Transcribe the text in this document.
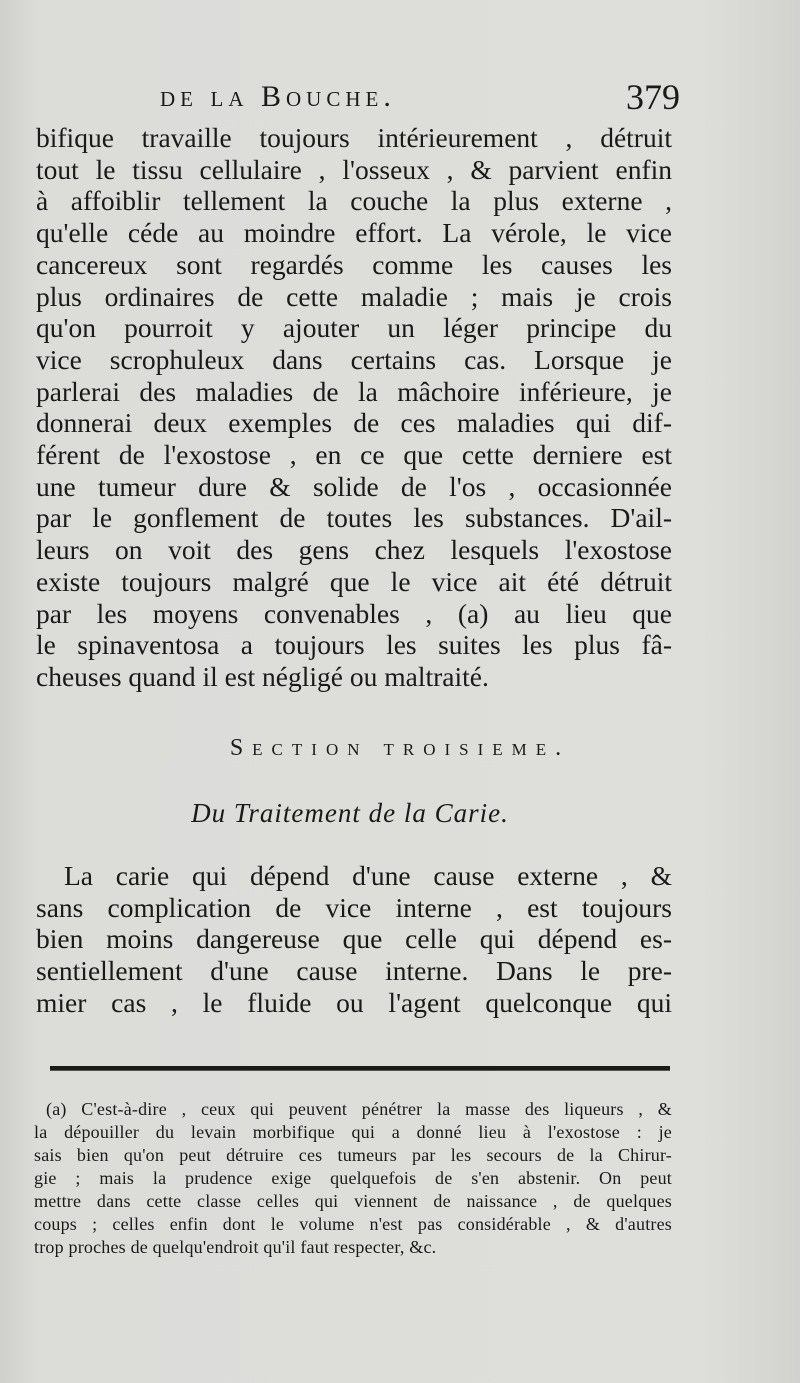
de la Bouche.	379
bifique travaille toujours intérieurement , détruit
tout le tissu cellulaire , l'osseux , & parvient enfin
à affoiblir tellement la couche la plus externe ,
qu'elle céde au moindre effort. La vérole, le vice
cancereux sont regardés comme les causes les
plus ordinaires de cette maladie ; mais je crois
qu'on pourroit y ajouter un léger principe du
vice scrophuleux dans certains cas. Lorsque je
parlerai des maladies de la mâchoire inférieure, je
donnerai deux exemples de ces maladies qui dif-
férent de l'exostose , en ce que cette derniere est
une tumeur dure & solide de l'os , occasionnée
par le gonflement de toutes les substances. D'ail-
leurs on voit des gens chez lesquels l'exostose
existe toujours malgré que le vice ait été détruit
par les moyens convenables , (a) au lieu que
le spinaventosa a toujours les suites les plus fâ-
cheuses quand il est négligé ou maltraité.
Section troisieme.
Du Traitement de la Carie.
La carie qui dépend d'une cause externe , &
sans complication de vice interne , est toujours
bien moins dangereuse que celle qui dépend es-
sentiellement d'une cause interne. Dans le pre-
mier cas , le fluide ou l'agent quelconque qui
(a) C'est-à-dire , ceux qui peuvent pénétrer la masse des liqueurs , &
la dépouiller du levain morbifique qui a donné lieu à l'exostose : je
sais bien qu'on peut détruire ces tumeurs par les secours de la Chirur-
gie ; mais la prudence exige quelquefois de s'en abstenir. On peut
mettre dans cette classe celles qui viennent de naissance , de quelques
coups ; celles enfin dont le volume n'est pas considérable , & d'autres
trop proches de quelqu'endroit qu'il faut respecter, &c.
